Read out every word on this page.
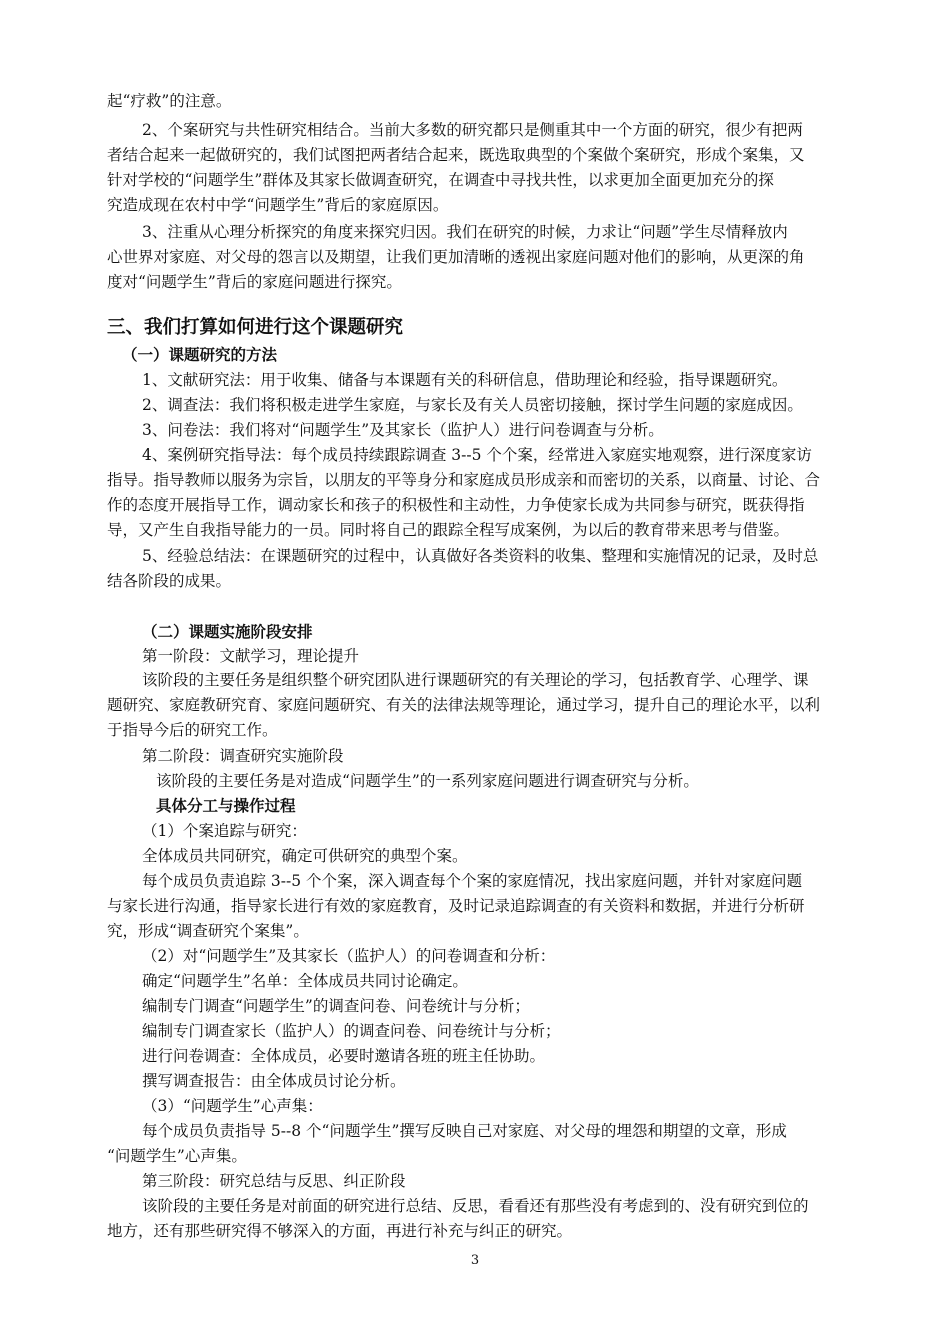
起“疗救”的注意。
2、个案研究与共性研究相结合。当前大多数的研究都只是侧重其中一个方面的研究，很少有把两
者结合起来一起做研究的，我们试图把两者结合起来，既选取典型的个案做个案研究，形成个案集，又
针对学校的“问题学生”群体及其家长做调查研究，在调查中寻找共性，以求更加全面更加充分的探
究造成现在农村中学“问题学生”背后的家庭原因。
3、注重从心理分析探究的角度来探究归因。我们在研究的时候，力求让“问题”学生尽情释放内
心世界对家庭、对父母的怨言以及期望，让我们更加清晰的透视出家庭问题对他们的影响，从更深的角
度对“问题学生”背后的家庭问题进行探究。
三、我们打算如何进行这个课题研究
（一）课题研究的方法
1、文献研究法：用于收集、储备与本课题有关的科研信息，借助理论和经验，指导课题研究。
2、调查法：我们将积极走进学生家庭，与家长及有关人员密切接触，探讨学生问题的家庭成因。
3、问卷法：我们将对“问题学生”及其家长（监护人）进行问卷调查与分析。
4、案例研究指导法：每个成员持续跟踪调查 3--5 个个案，经常进入家庭实地观察，进行深度家访
指导。指导教师以服务为宗旨，以朋友的平等身分和家庭成员形成亲和而密切的关系，以商量、讨论、合
作的态度开展指导工作，调动家长和孩子的积极性和主动性，力争使家长成为共同参与研究，既获得指
导，又产生自我指导能力的一员。同时将自己的跟踪全程写成案例，为以后的教育带来思考与借鉴。
5、经验总结法：在课题研究的过程中，认真做好各类资料的收集、整理和实施情况的记录，及时总
结各阶段的成果。
（二）课题实施阶段安排
第一阶段：文献学习，理论提升
该阶段的主要任务是组织整个研究团队进行课题研究的有关理论的学习，包括教育学、心理学、课
题研究、家庭教研究育、家庭问题研究、有关的法律法规等理论，通过学习，提升自己的理论水平，以利
于指导今后的研究工作。
第二阶段：调查研究实施阶段
该阶段的主要任务是对造成“问题学生”的一系列家庭问题进行调查研究与分析。
具体分工与操作过程
（1）个案追踪与研究：
全体成员共同研究，确定可供研究的典型个案。
每个成员负责追踪 3--5 个个案，深入调查每个个案的家庭情况，找出家庭问题，并针对家庭问题
与家长进行沟通，指导家长进行有效的家庭教育，及时记录追踪调查的有关资料和数据，并进行分析研
究，形成“调查研究个案集”。
（2）对“问题学生”及其家长（监护人）的问卷调查和分析：
确定“问题学生”名单：全体成员共同讨论确定。
编制专门调查“问题学生”的调查问卷、问卷统计与分析；
编制专门调查家长（监护人）的调查问卷、问卷统计与分析；
进行问卷调查：全体成员，必要时邀请各班的班主任协助。
撰写调查报告：由全体成员讨论分析。
（3）“问题学生”心声集：
每个成员负责指导 5--8 个“问题学生”撰写反映自己对家庭、对父母的埋怨和期望的文章，形成
“问题学生”心声集。
第三阶段：研究总结与反思、纠正阶段
该阶段的主要任务是对前面的研究进行总结、反思，看看还有那些没有考虑到的、没有研究到位的
地方，还有那些研究得不够深入的方面，再进行补充与纠正的研究。
3
